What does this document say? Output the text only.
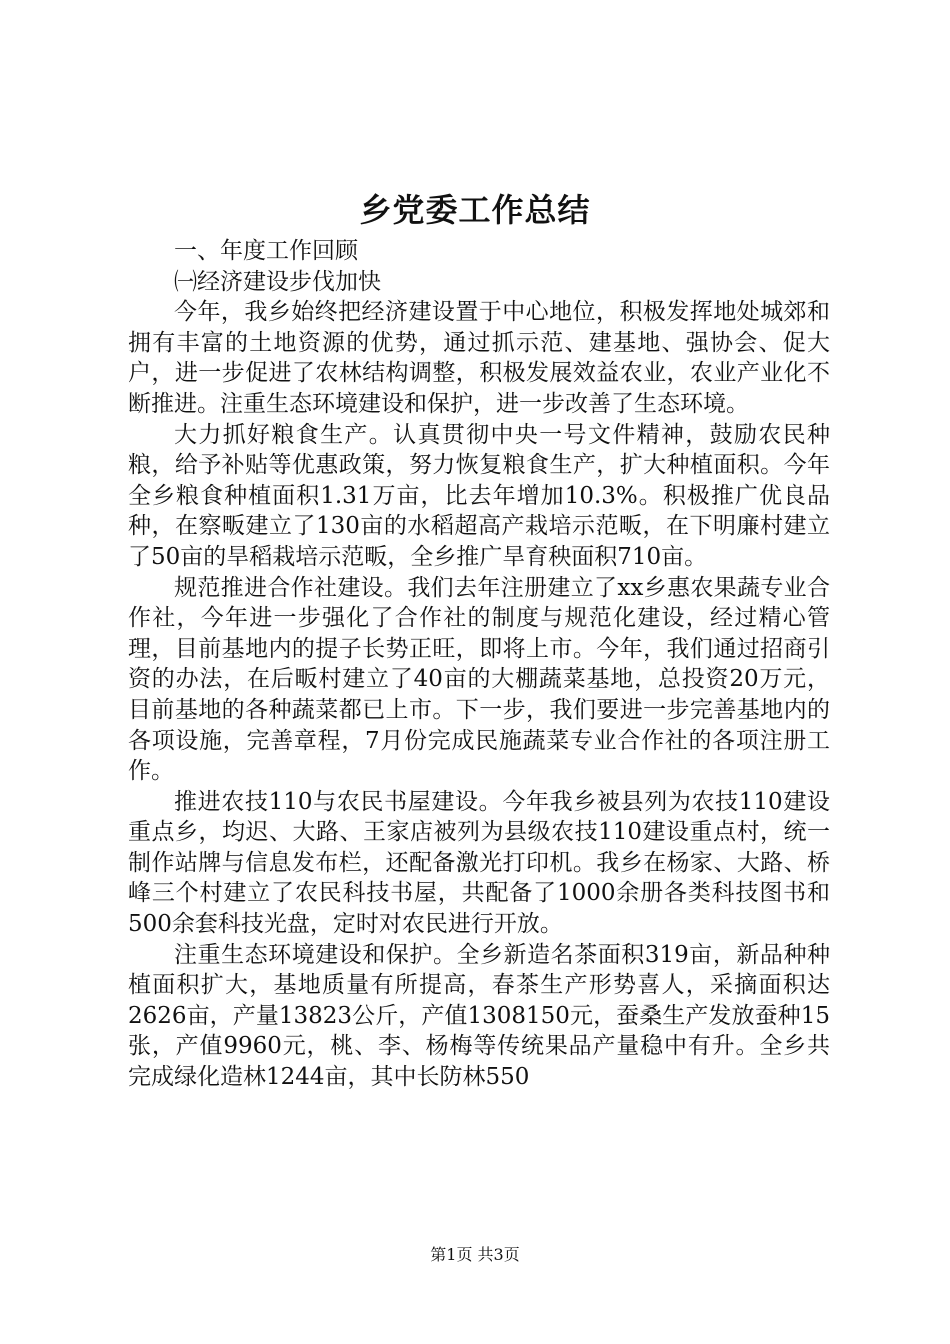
乡党委工作总结
一、年度工作回顾
㈠经济建设步伐加快

今年，我乡始终把经济建设置于中心地位，积极发挥地处城郊和拥有丰富的土地资源的优势，通过抓示范、建基地、强协会、促大户，进一步促进了农林结构调整，积极发展效益农业，农业产业化不断推进。注重生态环境建设和保护，进一步改善了生态环境。

大力抓好粮食生产。认真贯彻中央一号文件精神，鼓励农民种粮，给予补贴等优惠政策，努力恢复粮食生产，扩大种植面积。今年全乡粮食种植面积1.31万亩，比去年增加10.3%。积极推广优良品种，在察畈建立了130亩的水稻超高产栽培示范畈，在下明廉村建立了50亩的旱稻栽培示范畈，全乡推广旱育秧面积710亩。

规范推进合作社建设。我们去年注册建立了xx乡惠农果蔬专业合作社，今年进一步强化了合作社的制度与规范化建设，经过精心管理，目前基地内的提子长势正旺，即将上市。今年，我们通过招商引资的办法，在后畈村建立了40亩的大棚蔬菜基地，总投资20万元，目前基地的各种蔬菜都已上市。下一步，我们要进一步完善基地内的各项设施，完善章程，7月份完成民施蔬菜专业合作社的各项注册工作。

推进农技110与农民书屋建设。今年我乡被县列为农技110建设重点乡，均迟、大路、王家店被列为县级农技110建设重点村，统一制作站牌与信息发布栏，还配备激光打印机。我乡在杨家、大路、桥峰三个村建立了农民科技书屋，共配备了1000余册各类科技图书和500余套科技光盘，定时对农民进行开放。

注重生态环境建设和保护。全乡新造名茶面积319亩，新品种种植面积扩大，基地质量有所提高，春茶生产形势喜人，采摘面积达2626亩，产量13823公斤，产值1308150元，蚕桑生产发放蚕种15张，产值9960元，桃、李、杨梅等传统果品产量稳中有升。全乡共完成绿化造林1244亩，其中长防林550

第1页 共3页
